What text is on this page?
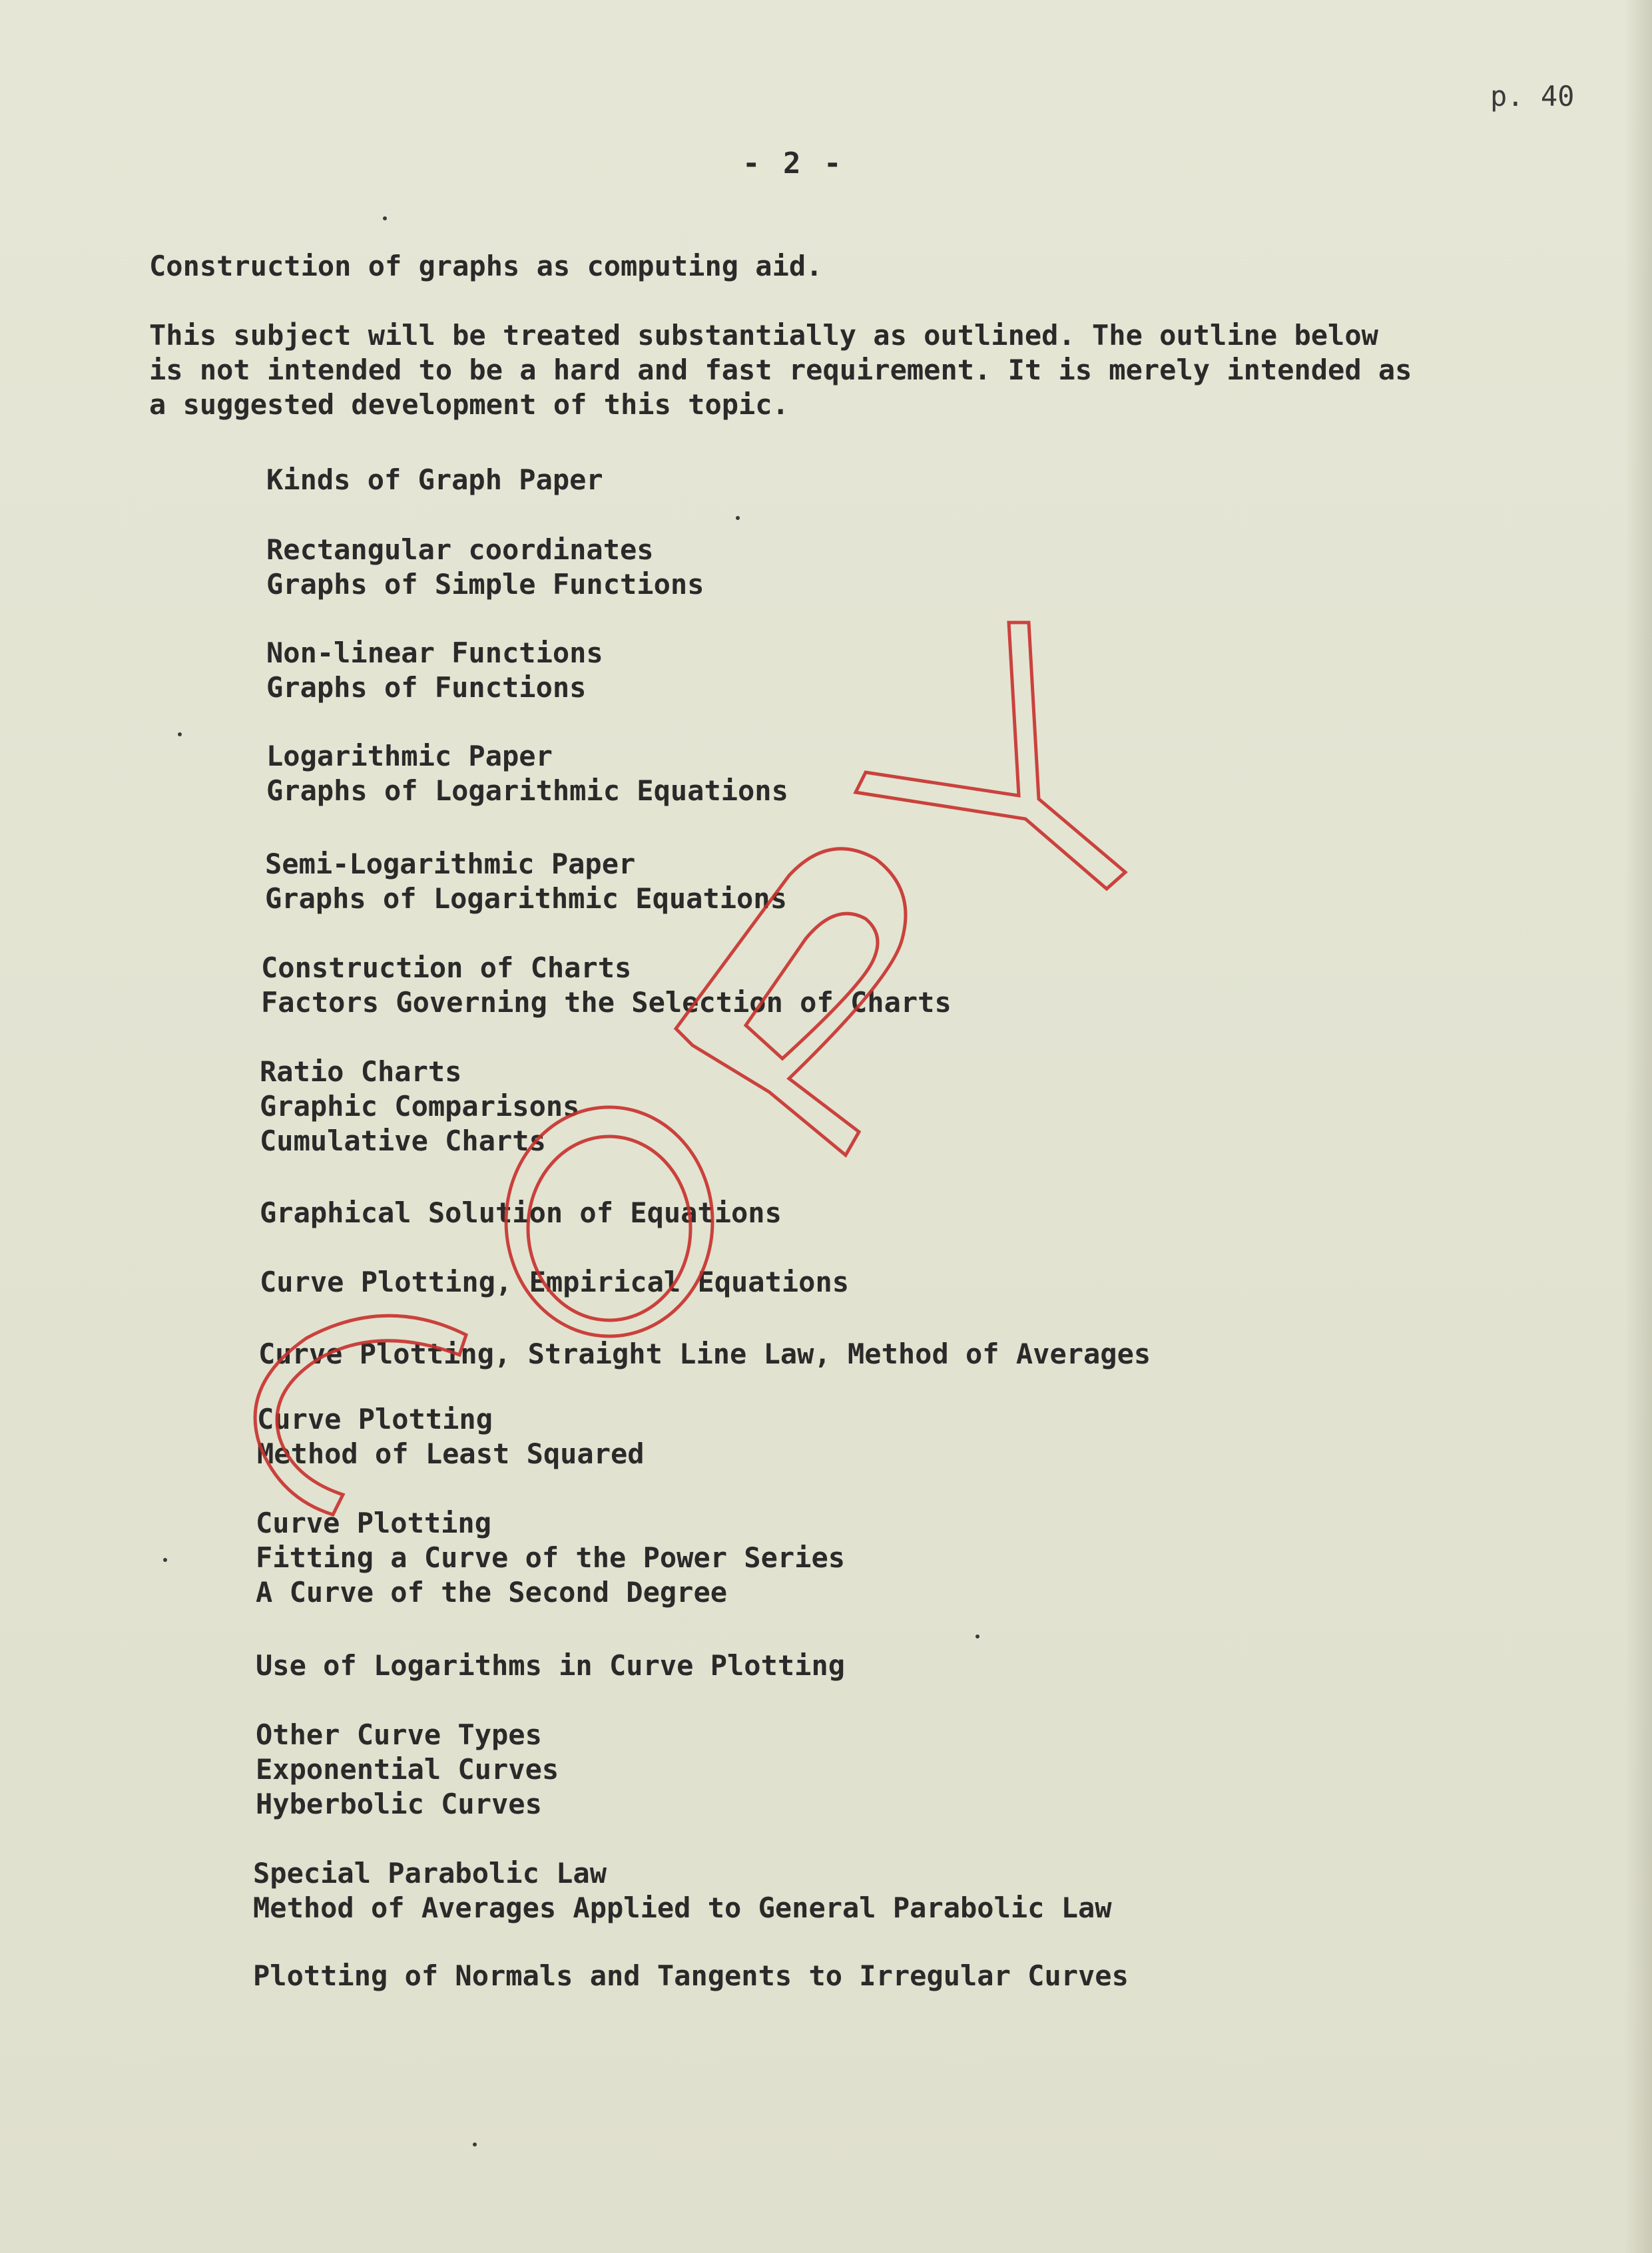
p. 40
- 2 -
Construction of graphs as computing aid.
This subject will be treated substantially as outlined. The outline below
is not intended to be a hard and fast requirement. It is merely intended as
a suggested development of this topic.
Kinds of Graph Paper
Rectangular coordinates
Graphs of Simple Functions
Non-linear Functions
Graphs of Functions
Logarithmic Paper
Graphs of Logarithmic Equations
Semi-Logarithmic Paper
Graphs of Logarithmic Equations
Construction of Charts
Factors Governing the Selection of Charts
Ratio Charts
Graphic Comparisons
Cumulative Charts
Graphical Solution of Equations
Curve Plotting, Empirical Equations
Curve Plotting, Straight Line Law, Method of Averages
Curve Plotting
Method of Least Squared
Curve Plotting
Fitting a Curve of the Power Series
A Curve of the Second Degree
Use of Logarithms in Curve Plotting
Other Curve Types
Exponential Curves
Hyberbolic Curves
Special Parabolic Law
Method of Averages Applied to General Parabolic Law
Plotting of Normals and Tangents to Irregular Curves
